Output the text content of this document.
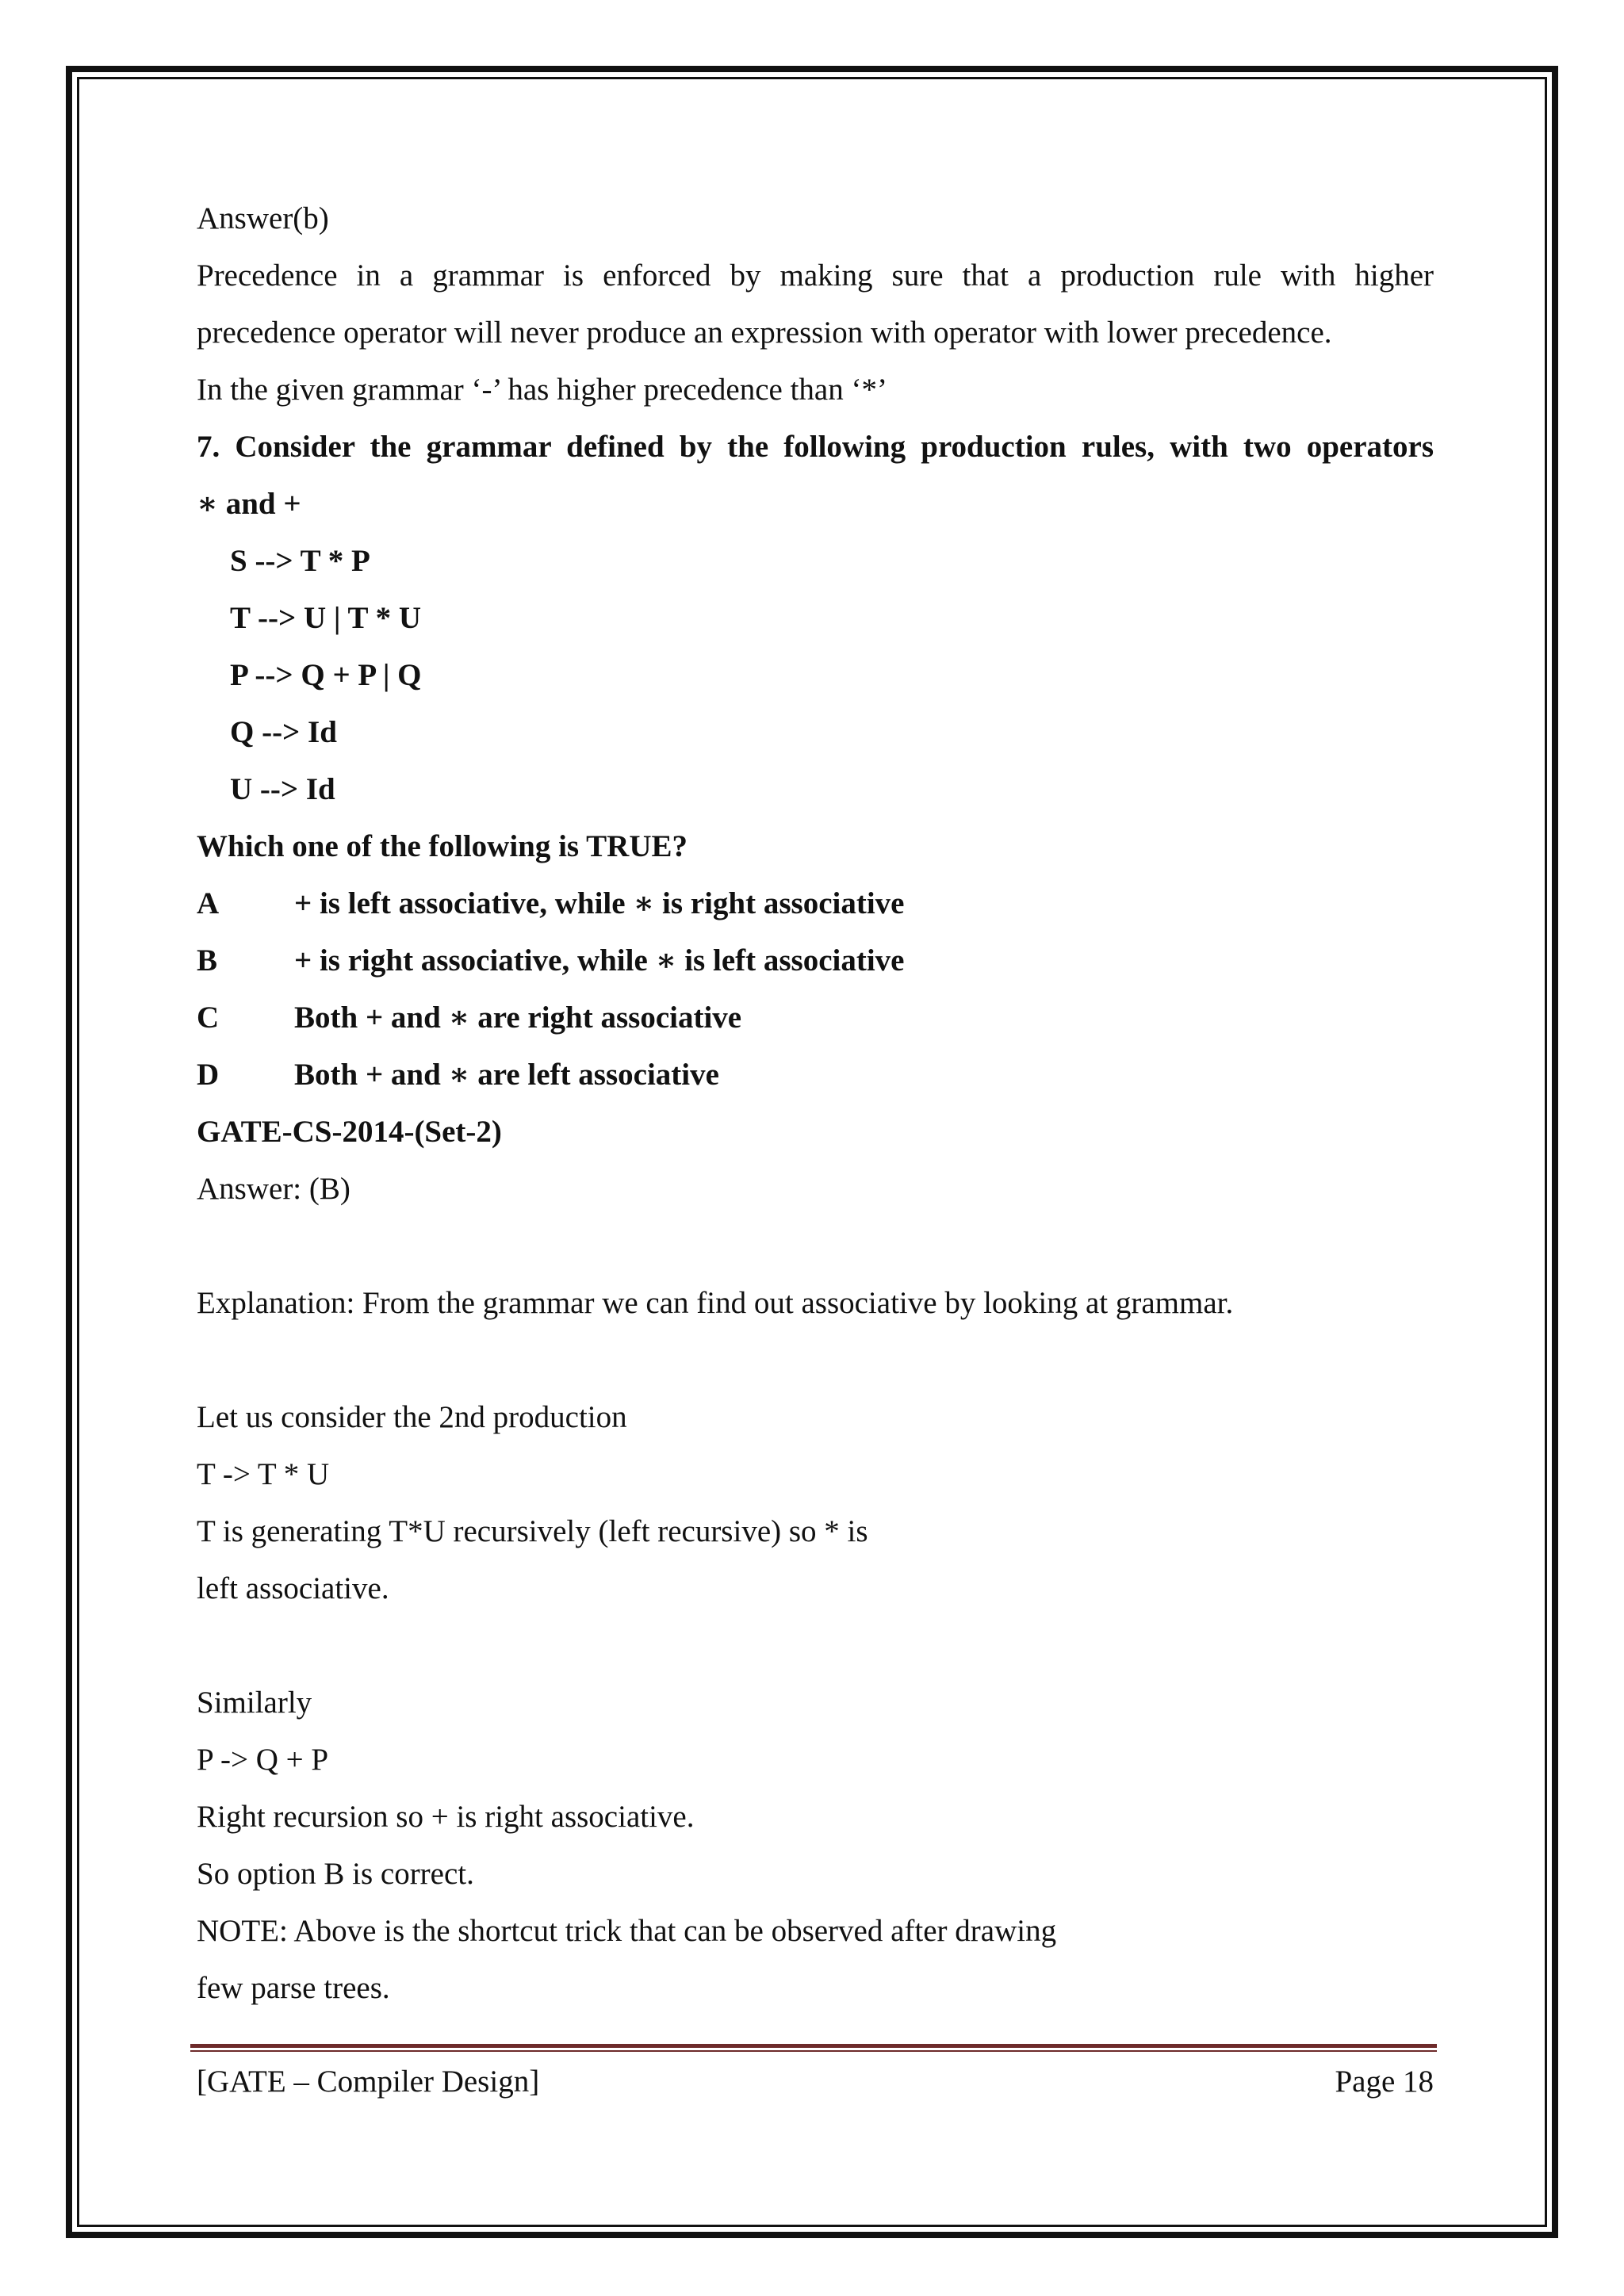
Answer(b)

Precedence in a grammar is enforced by making sure that a production rule with higher

precedence operator will never produce an expression with operator with lower precedence.

In the given grammar ‘-’ has higher precedence than ‘*’

7. Consider the grammar defined by the following production rules, with two operators

∗ and +

S --> T * P

T --> U | T * U

P --> Q + P | Q

Q --> Id

U --> Id

Which one of the following is TRUE?

A	+ is left associative, while ∗ is right associative

B	+ is right associative, while ∗ is left associative

C	Both + and ∗ are right associative

D	Both + and ∗ are left associative

GATE-CS-2014-(Set-2)

Answer: (B)

Explanation: From the grammar we can find out associative by looking at grammar.

Let us consider the 2nd production

T -> T * U

T is generating T*U recursively (left recursive) so * is

left associative.

Similarly

P -> Q + P

Right recursion so + is right associative.

So option B is correct.

NOTE: Above is the shortcut trick that can be observed after drawing

few parse trees.

[GATE – Compiler Design]	Page 18
